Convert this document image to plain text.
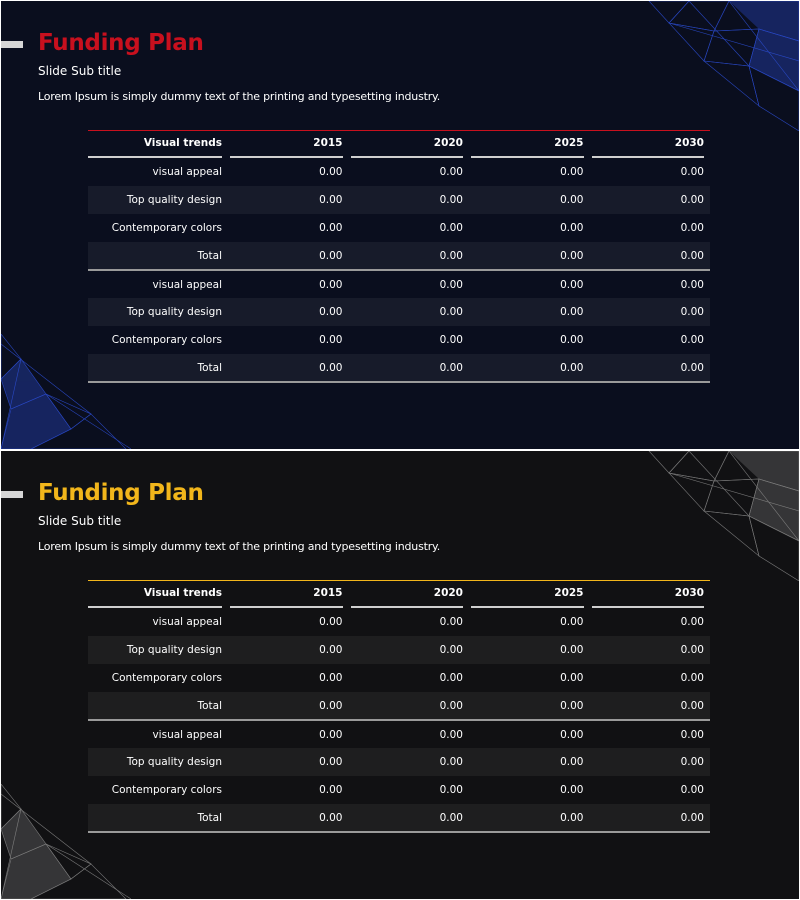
Funding Plan
Slide Sub title

Lorem Ipsum is simply dummy text of the printing and typesetting industry.

Visual trends	2015	2020	2025	2030

visual appeal	0.00	0.00	0.00	0.00
Top quality design	0.00	0.00	0.00	0.00
Contemporary colors	0.00	0.00	0.00	0.00
Total	0.00	0.00	0.00	0.00
visual appeal	0.00	0.00	0.00	0.00
Top quality design	0.00	0.00	0.00	0.00
Contemporary colors	0.00	0.00	0.00	0.00
Total	0.00	0.00	0.00	0.00
Funding Plan
Slide Sub title

Lorem Ipsum is simply dummy text of the printing and typesetting industry.

Visual trends	2015	2020	2025	2030

visual appeal	0.00	0.00	0.00	0.00
Top quality design	0.00	0.00	0.00	0.00
Contemporary colors	0.00	0.00	0.00	0.00
Total	0.00	0.00	0.00	0.00
visual appeal	0.00	0.00	0.00	0.00
Top quality design	0.00	0.00	0.00	0.00
Contemporary colors	0.00	0.00	0.00	0.00
Total	0.00	0.00	0.00	0.00
